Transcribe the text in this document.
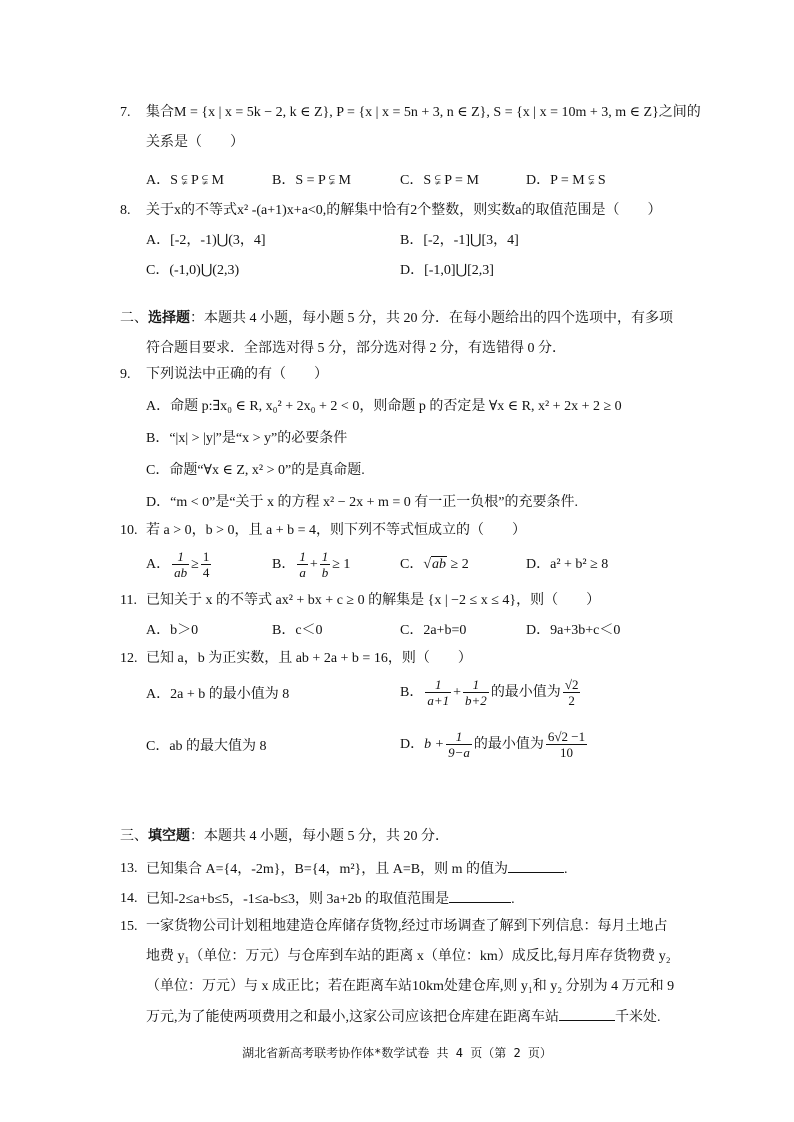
7. 集合M = {x | x = 5k − 2, k ∈ Z}, P = {x | x = 5n + 3, n ∈ Z}, S = {x | x = 10m + 3, m ∈ Z}之间的
关系是（　　）
A．S ⫋ P ⫋ M	B．S = P ⫋ M	C．S ⫋ P = M	D．P = M ⫋ S
8. 关于x的不等式x² -(a+1)x+a<0,的解集中恰有2个整数，则实数a的取值范围是（　　）
A．[-2，-1)⋃(3，4]	B．[-2，-1]⋃[3，4]
C．(-1,0)⋃(2,3)	D．[-1,0]⋃[2,3]
二、选择题：本题共 4 小题，每小题 5 分，共 20 分．在每小题给出的四个选项中，有多项
符合题目要求．全部选对得 5 分，部分选对得 2 分，有选错得 0 分．
9. 下列说法中正确的有（　　）
A．命题 p:∃x₀ ∈ R, x₀² + 2x₀ + 2 < 0，则命题 p 的否定是 ∀x ∈ R, x² + 2x + 2 ≥ 0
B．“|x| > |y|”是“x > y”的必要条件
C．命题“∀x ∈ Z, x² > 0”的是真命题.
D．“m < 0”是“关于 x 的方程 x² − 2x + m = 0 有一正一负根”的充要条件.
10. 若 a > 0，b > 0，且 a + b = 4，则下列不等式恒成立的（　　）
A． $\frac{1}{ab} \ge \frac{1}{4}$	B． $\frac{1}{a} + \frac{1}{b} \ge 1$	C．√ab ≥ 2	D．a² + b² ≥ 8
11. 已知关于 x 的不等式 ax² + bx + c ≥ 0 的解集是 {x | −2 ≤ x ≤ 4}，则（　　）
A．b＞0	B．c＜0	C．2a+b=0	D．9a+3b+c＜0
12. 已知 a，b 为正实数，且 ab + 2a + b = 16，则（　　）
A．2a + b 的最小值为 8	B． $\frac{1}{a+1} + \frac{1}{b+2}$ 的最小值为 $\frac{√2}{2}$
C．ab 的最大值为 8	D．$b + \frac{1}{9-a}$ 的最小值为 $\frac{6√2 -1}{10}$
三、填空题：本题共 4 小题，每小题 5 分，共 20 分．
13. 已知集合 A={4，-2m}，B={4，m²}，且 A=B，则 m 的值为	.
14. 已知-2≤a+b≤5，-1≤a-b≤3，则 3a+2b 的取值范围是	.
15. 一家货物公司计划租地建造仓库储存货物,经过市场调查了解到下列信息：每月土地占
地费 y₁（单位：万元）与仓库到车站的距离 x（单位：km）成反比,每月库存货物费 y₂
（单位：万元）与 x 成正比；若在距离车站10km处建仓库,则 y₁和 y₂ 分别为 4 万元和 9
万元,为了能使两项费用之和最小,这家公司应该把仓库建在距离车站	千米处.
湖北省新高考联考协作体*数学试卷 共 4 页（第 2 页）
